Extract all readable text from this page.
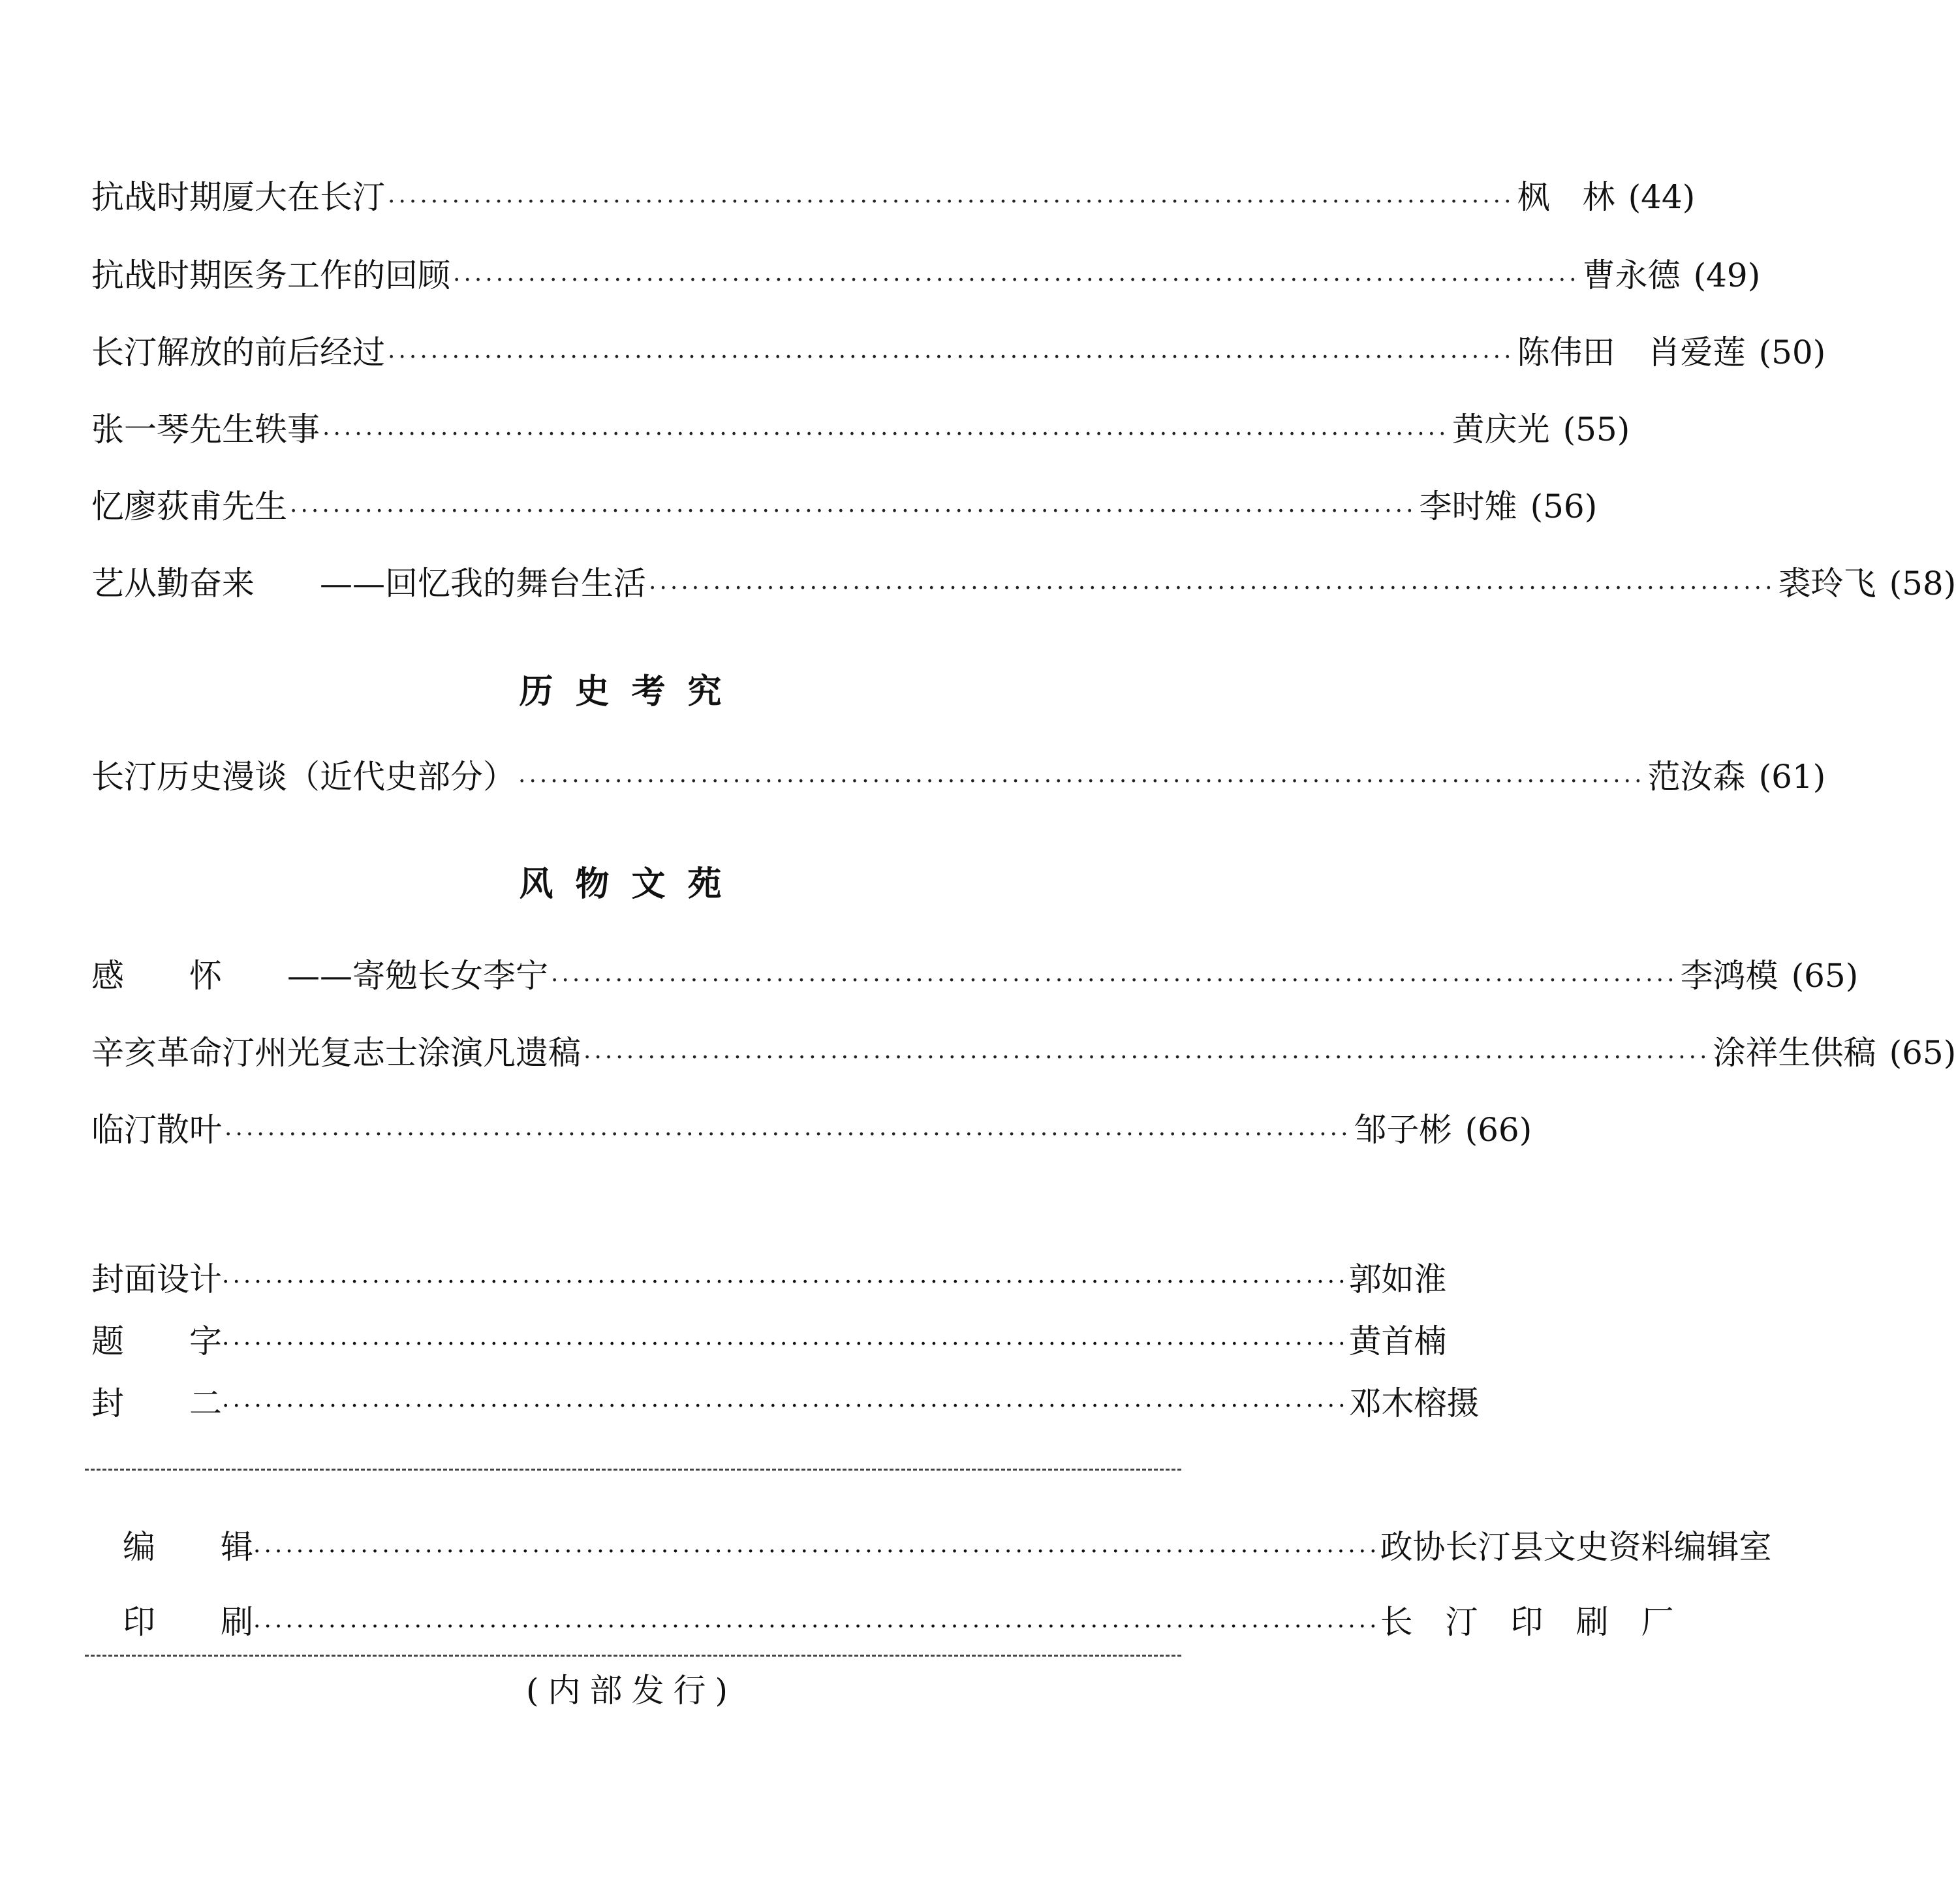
抗战时期厦大在长汀 ········································································································· 枫　林 (44)
抗战时期医务工作的回顾 ········································································································· 曹永德 (49)
长汀解放的前后经过 ········································································································· 陈伟田　肖爱莲 (50)
张一琴先生轶事 ········································································································· 黄庆光 (55)
忆廖荻甫先生 ········································································································· 李时雉 (56)
艺从勤奋来　　——回忆我的舞台生活 ········································································································· 裘玲飞 (58)
历史考究
长汀历史漫谈（近代史部分） ········································································································· 范汝森 (61)
风物文苑
感　　怀　　——寄勉长女李宁 ········································································································· 李鸿模 (65)
辛亥革命汀州光复志士涂演凡遗稿 ········································································································· 涂祥生供稿 (65)
临汀散叶 ········································································································· 邹子彬 (66)
封面设计 ········································································································· 郭如淮
题　　字 ········································································································· 黄首楠
封　　二 ········································································································· 邓木榕摄
编　　辑 ········································································································· 政协长汀县文史资料编辑室
印　　刷 ········································································································· 长　汀　印　刷　厂
(内部发行)
